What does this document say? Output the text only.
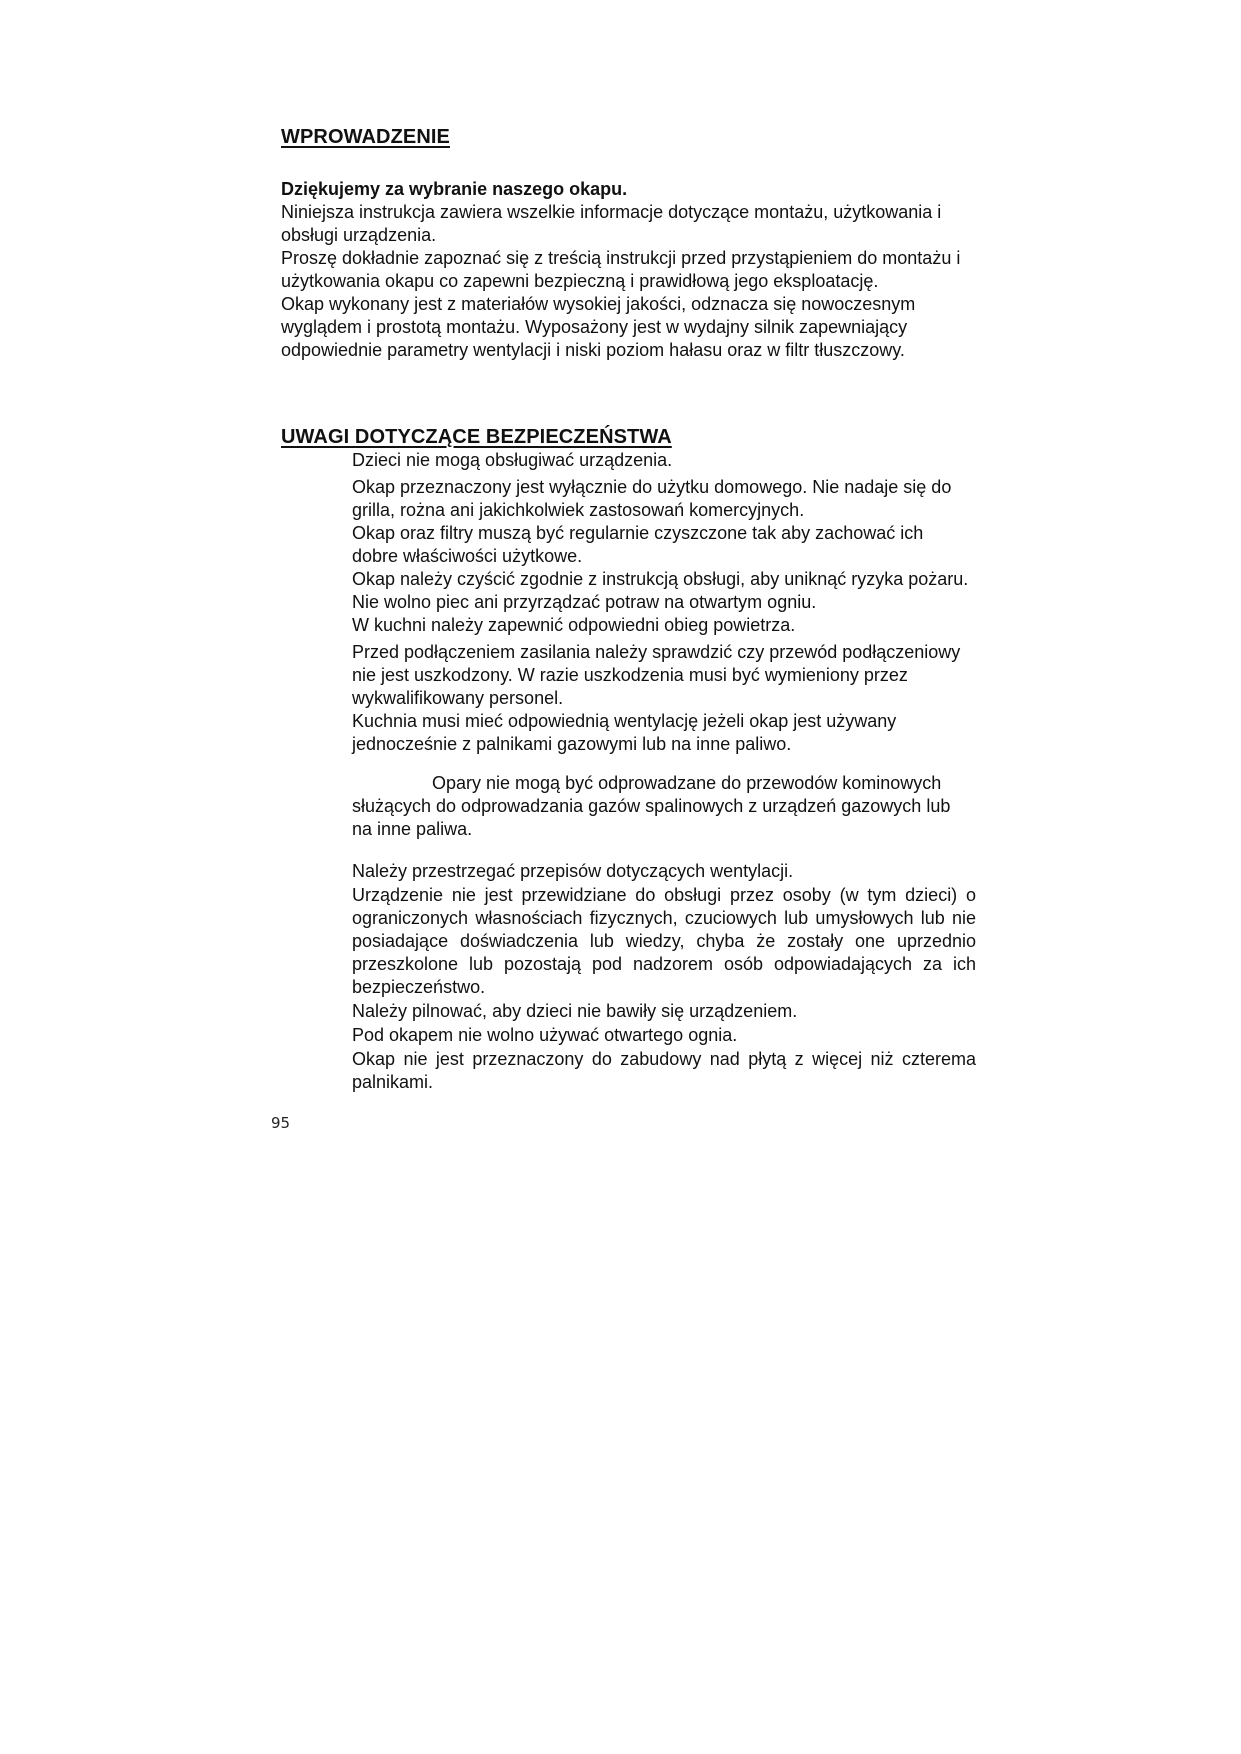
WPROWADZENIE

Dziękujemy za wybranie naszego okapu.

Niniejsza instrukcja zawiera wszelkie informacje dotyczące montażu, użytkowania i obsługi urządzenia.

Proszę dokładnie zapoznać się z treścią instrukcji przed przystąpieniem do montażu i użytkowania okapu co zapewni bezpieczną i prawidłową jego eksploatację.

Okap wykonany jest z materiałów wysokiej jakości, odznacza się nowoczesnym wyglądem i prostotą montażu. Wyposażony jest w wydajny silnik zapewniający odpowiednie parametry wentylacji i niski poziom hałasu oraz w filtr tłuszczowy.

UWAGI DOTYCZĄCE BEZPIECZEŃSTWA

Dzieci nie mogą obsługiwać urządzenia.

Okap przeznaczony jest wyłącznie do użytku domowego. Nie nadaje się do grilla, rożna ani jakichkolwiek zastosowań komercyjnych.

Okap oraz filtry muszą być regularnie czyszczone tak aby zachować ich dobre właściwości użytkowe.

Okap należy czyścić zgodnie z instrukcją obsługi, aby uniknąć ryzyka pożaru.

Nie wolno piec ani przyrządzać potraw na otwartym ogniu.

W kuchni należy zapewnić odpowiedni obieg powietrza.

Przed podłączeniem zasilania należy sprawdzić czy przewód podłączeniowy nie jest uszkodzony. W razie uszkodzenia musi być wymieniony przez wykwalifikowany personel.

Kuchnia musi mieć odpowiednią wentylację jeżeli okap jest używany jednocześnie z palnikami gazowymi lub na inne paliwo.

Opary nie mogą być odprowadzane do przewodów kominowych służących do odprowadzania gazów spalinowych z urządzeń gazowych lub na inne paliwa.

Należy przestrzegać przepisów dotyczących wentylacji.
Urządzenie nie jest przewidziane do obsługi przez osoby (w tym dzieci) o ograniczonych własnościach fizycznych, czuciowych lub umysłowych lub nie posiadające doświadczenia lub wiedzy, chyba że zostały one uprzednio przeszkolone lub pozostają pod nadzorem osób odpowiadających za ich bezpieczeństwo.
Należy pilnować, aby dzieci nie bawiły się urządzeniem.
Pod okapem nie wolno używać otwartego ognia.
Okap nie jest przeznaczony do zabudowy nad płytą z więcej niż czterema palnikami.
95
